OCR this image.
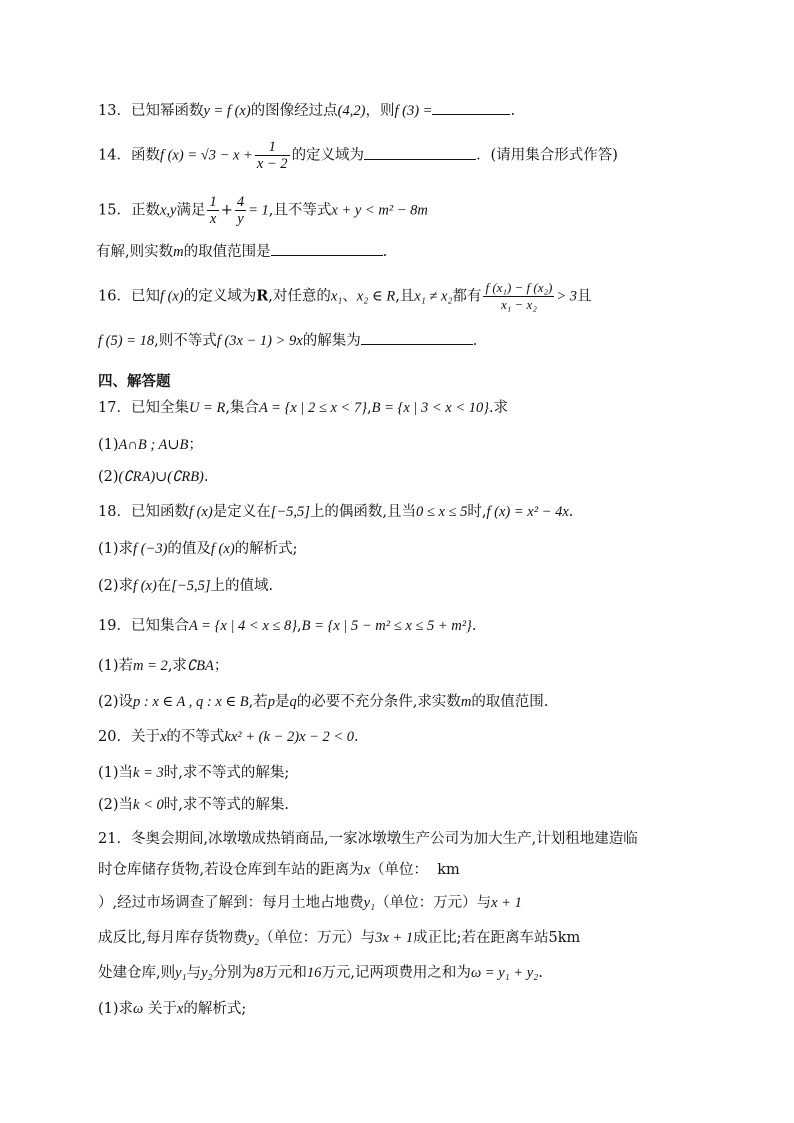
13．已知幂函数y = f (x)的图像经过点(4,2)，则f (3) =	.
14．函数f $(x) = √3 - x + \frac{1}{x - 2}$ 的定义域为	．(请用集合形式作答)
15．正数x,y满足 $\frac{1}{x} + \frac{4}{y} = 1$,且不等式x + y < m² − 8m
有解,则实数m的取值范围是	.
16．已知f (x)的定义域为R,对任意的x₁、x₂ ∈ R,且x₁ ≠ x₂都有 $\frac{\text{f (x₁) − f (x₂)}}{\text{x₁ − x₂}} > 3$且
f (5) = 18,则不等式f (3x − 1) > 9x的解集为	.
四、解答题
17．已知全集U = R,集合A = {x | 2 ≤ x < 7},B = {x | 3 < x < 10}.求
(1)A∩B ; A∪B；
(2)(∁RA)∪(∁RB).
18．已知函数f (x)是定义在[−5,5]上的偶函数,且当0 ≤ x ≤ 5时,f (x) = x² − 4x.
(1)求f (−3)的值及f (x)的解析式;
(2)求f (x)在[−5,5]上的值域.
19．已知集合A = {x | 4 < x ≤ 8},B = {x | 5 − m² ≤ x ≤ 5 + m²}.
(1)若m = 2,求∁BA；
(2)设p : x ∈ A , q : x ∈ B,若p是q的必要不充分条件,求实数m的取值范围.
20．关于x的不等式kx² + (k − 2)x − 2 < 0.
(1)当k = 3时,求不等式的解集;
(2)当k < 0时,求不等式的解集.
21．冬奥会期间,冰墩墩成热销商品,一家冰墩墩生产公司为加大生产,计划租地建造临
时仓库储存货物,若设仓库到车站的距离为x（单位： km
）,经过市场调查了解到：每月土地占地费y₁（单位：万元）与x + 1
成反比,每月库存货物费y₂（单位：万元）与3x + 1成正比;若在距离车站5km
处建仓库,则y₁与y₂分别为8万元和16万元,记两项费用之和为ω = y₁ + y₂.
(1)求ω 关于x的解析式;
